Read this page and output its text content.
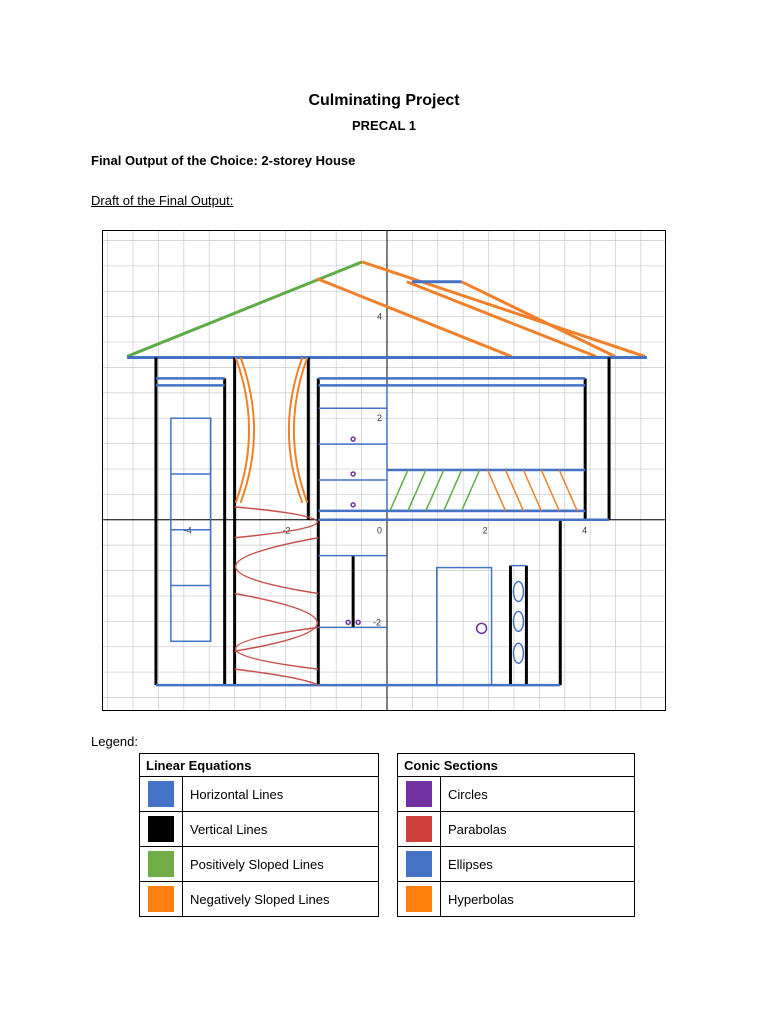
Culminating Project
PRECAL 1
Final Output of the Choice: 2-storey House
Draft of the Final Output:
-4	-2	0	2	4
4
2
-2
Legend:
Linear Equations	
	Horizontal Lines
	Vertical Lines
	Positively Sloped Lines
	Negatively Sloped Lines
Conic Sections	
	Circles
	Parabolas
	Ellipses
	Hyperbolas
